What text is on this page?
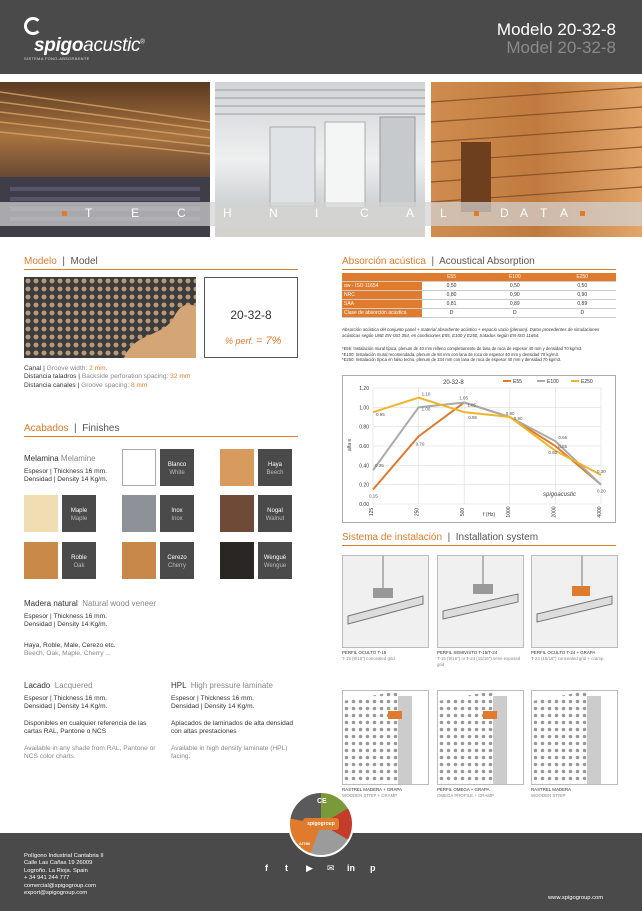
spigoacustic®
SISTEMA FONO-ABSORBENTE
Modelo 20-32-8
Model 20-32-8
T	E	C	H	N	I	C	A L	D A T A
Modelo  |  Model
20-32-8
% perf. = 7%
Canal | Groove width: 2 mm.
Distancia taladros | Backside perforation spacing: 32 mm
Distancia canales | Groove spacing: 8 mm
Acabados  |  Finishes
Melamina Melamine
Espesor | Thickness 16 mm.
Densidad | Density 14 Kg/m.
Blanco
White
Haya
Beech
Maple
Maple
Inox
Inox
Nogal
Walnut
Roble
Oak
Cerezo
Cherry
Wengué
Wengue
Madera natural Natural wood veneer
Espesor | Thickness 16 mm.
Densidad | Density 14 Kg/m.
Haya, Roble, Male, Cerezo etc.
Beech, Oak, Maple, Cherry ...
Lacado Lacquered
Espesor | Thickness 16 mm.
Densidad | Density 14 Kg/m.
Disponibles en cualquier referencia de las cartas RAL, Pantone o NCS
Available in any shade from RAL, Pantone or NCS color charts.
HPL High pressure laminate
Espesor | Thickness 16 mm.
Densidad | Density 14 Kg/m.
Aplacados de laminados de alta densidad con altas prestaciones
Available in high density laminate (HPL) facing.
Absorción acústica  |  Acoustical Absorption
	E55	E100	E250
αw - ISO 11654	0,50	0,50	0,50
NRC	0,80	0,90	0,90
SAA	0,81	0,89	0,89
Clase de absorción acústica	D	D	D
Absorción acústica del conjunto panel + material absorbente acústico + espacio vacío (plenum). Datos procedentes de simulaciones acústicas según UNE EN-ISO 354, en condiciones E55, E100 y E250, tratados según EN-ISO 11654.
*E55: Instalación mural típica, plenum de 40 mm relleno completamente de lana de roca de espesor 40 mm y densidad 70 kg/m3.
*E100: Instalación mural recomendada, plenum de 84 mm con lana de roca de espesor 40 mm y densidad 70 kg/m3.
*E250: Instalación típica en falso techo, plenum de 234 mm con lana de roca de espesor 40 mm y densidad 70 kg/m3.
0.00
0.20
0.40
0.60
0.80
1.00
1.20
125	250	500	1000	2000	4000
alfa s
f (Hz)
20-32-8	E55	E100	E250
0.15
0.35
0.95
0.70
1.00
1.10
1.05
1.05
0.95
0.90
0.90
0.65
0.55
0.60
0.30
0.20
spigoacustic
Sistema de instalación  |  Installation system
PERFIL OCULTO T-15
T-15 (9/16") concealed grid
PERFIL SEMIVISTO T-15/T-24
T-15 (9/16") or T-24 (15/16") semi-exposed grid
PERFIL OCULTO T-24 + GRAPA
T-24 (15/16") concealed grid + cramp
RASTREL MADERA + GRAPA
WOODEN STRIP + CRAMP
PERFIL OMEGA + GRAPA
OMEGA PROFILE + CRAMP
RASTREL MADERA
WOODEN STRIP
Polígono Industrial Cantabria II
Calle Las Cañas 19 26009
Logroño. La Rioja. Spain
+ 34 941 244 777
comercial@spigogroup.com
export@spigogroup.com
www.spigogroup.com
f t ▶ ✉ in p
spigogroup
CE
AITIM
